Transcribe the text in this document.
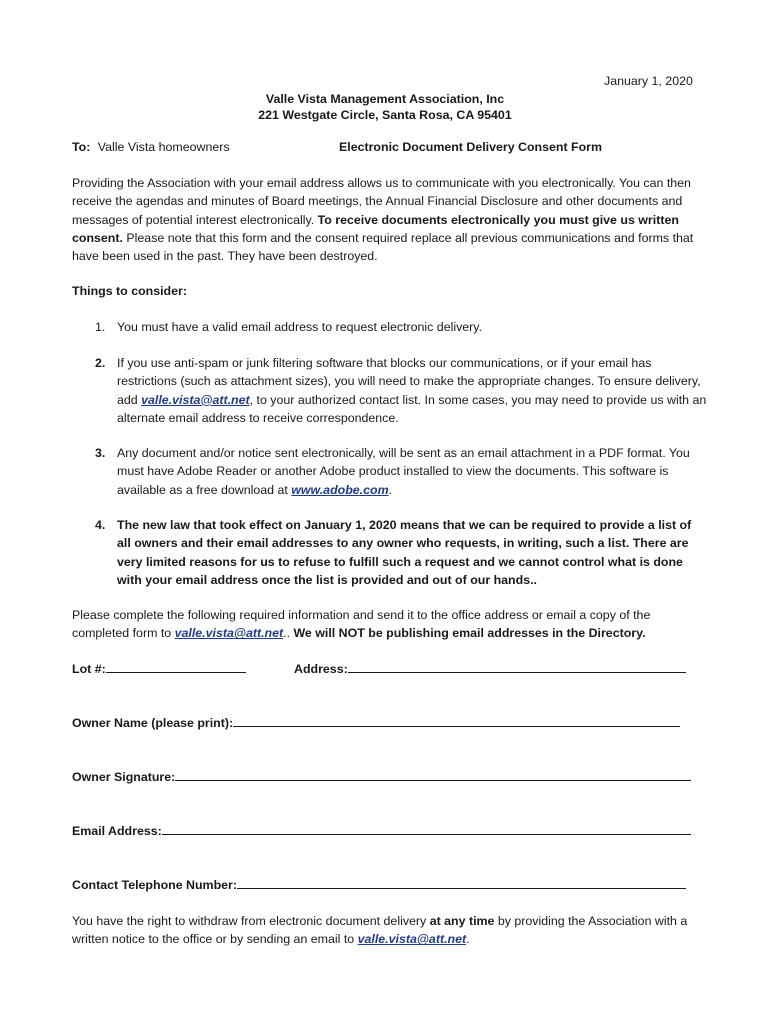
January 1, 2020
Valle Vista Management Association, Inc
221 Westgate Circle, Santa Rosa, CA 95401
To: Valle Vista homeowners	Electronic Document Delivery Consent Form
Providing the Association with your email address allows us to communicate with you electronically. You can then receive the agendas and minutes of Board meetings, the Annual Financial Disclosure and other documents and messages of potential interest electronically. To receive documents electronically you must give us written consent. Please note that this form and the consent required replace all previous communications and forms that have been used in the past. They have been destroyed.
Things to consider:
1. You must have a valid email address to request electronic delivery.
2. If you use anti-spam or junk filtering software that blocks our communications, or if your email has restrictions (such as attachment sizes), you will need to make the appropriate changes. To ensure delivery, add valle.vista@att.net, to your authorized contact list. In some cases, you may need to provide us with an alternate email address to receive correspondence.
3. Any document and/or notice sent electronically, will be sent as an email attachment in a PDF format. You must have Adobe Reader or another Adobe product installed to view the documents. This software is available as a free download at www.adobe.com.
4. The new law that took effect on January 1, 2020 means that we can be required to provide a list of all owners and their email addresses to any owner who requests, in writing, such a list. There are very limited reasons for us to refuse to fulfill such a request and we cannot control what is done with your email address once the list is provided and out of our hands..
Please complete the following required information and send it to the office address or email a copy of the completed form to valle.vista@att.net.. We will NOT be publishing email addresses in the Directory.
Lot #:	Address:
Owner Name (please print):
Owner Signature:
Email Address:
Contact Telephone Number:
You have the right to withdraw from electronic document delivery at any time by providing the Association with a written notice to the office or by sending an email to valle.vista@att.net.
